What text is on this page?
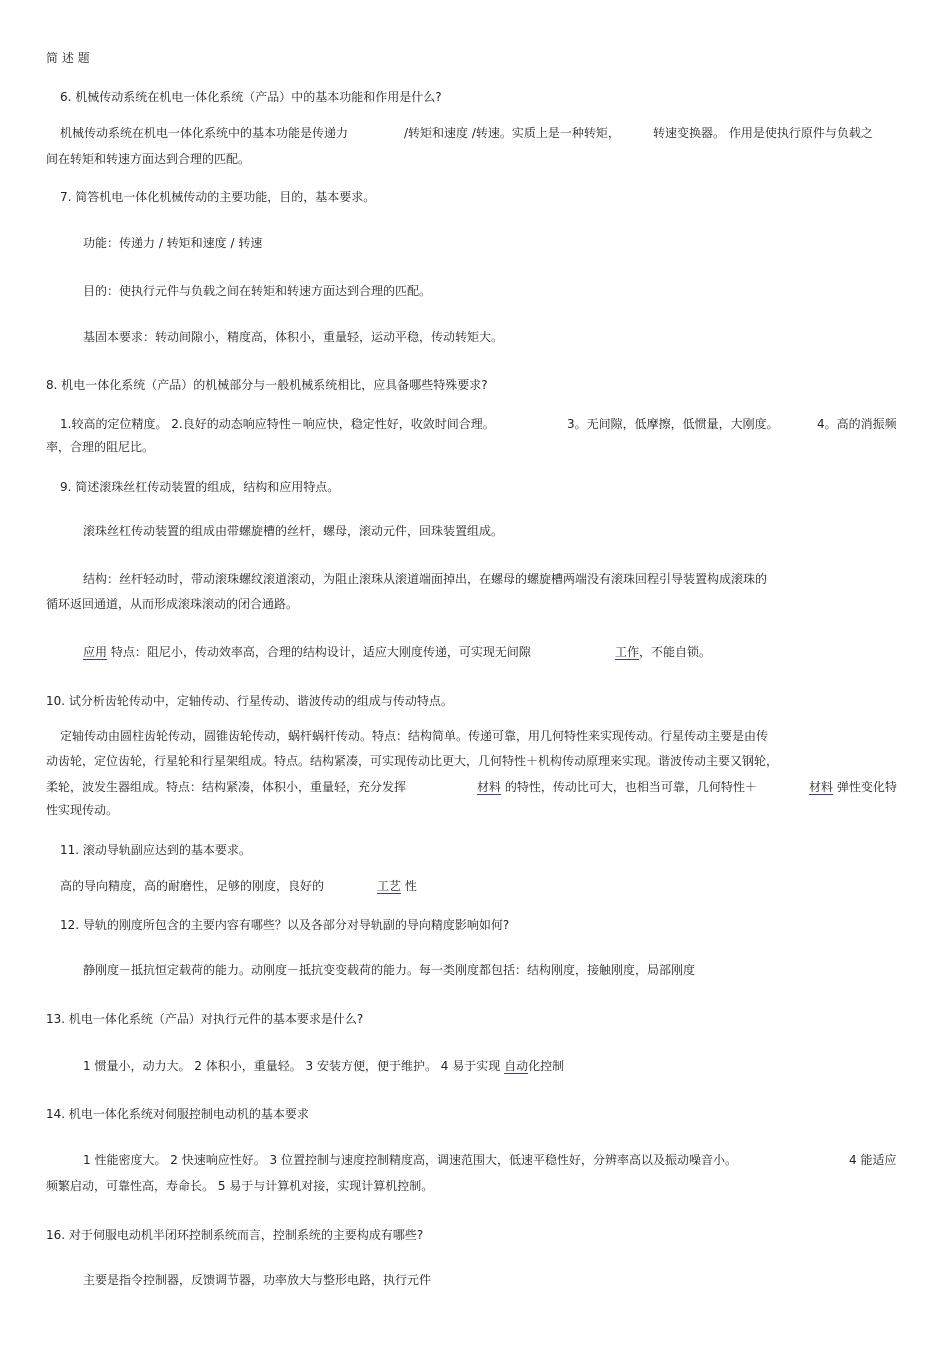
简 述 题
6. 机械传动系统在机电一体化系统（产品）中的基本功能和作用是什么?
机械传动系统在机电一体化系统中的基本功能是传递力	/转矩和速度 /转速。实质上是一种转矩，	转速变换器。 作用是使执行原件与负载之
间在转矩和转速方面达到合理的匹配。
7. 简答机电一体化机械传动的主要功能，目的，基本要求。
功能：传递力 / 转矩和速度 / 转速
目的：使执行元件与负载之间在转矩和转速方面达到合理的匹配。
基固本要求：转动间隙小，精度高，体积小，重量轻，运动平稳，传动转矩大。
8. 机电一体化系统（产品）的机械部分与一般机械系统相比，应具备哪些特殊要求?
1.较高的定位精度。 2.良好的动态响应特性－响应快，稳定性好，收敛时间合理。	3。无间隙，低摩擦，低惯量，大刚度。	4。高的消振频
率，合理的阻尼比。
9. 简述滚珠丝杠传动装置的组成，结构和应用特点。
滚珠丝杠传动装置的组成由带螺旋槽的丝杆，螺母，滚动元件，回珠装置组成。
结构：丝杆轻动时，带动滚珠螺纹滚道滚动，为阻止滚珠从滚道端面掉出，在螺母的螺旋槽两端没有滚珠回程引导装置构成滚珠的
循环返回通道，从而形成滚珠滚动的闭合通路。
应用 特点：阻尼小，传动效率高，合理的结构设计，适应大刚度传递，可实现无间隙	工作，不能自锁。
10. 试分析齿轮传动中，定轴传动、行星传动、谐波传动的组成与传动特点。
定轴传动由圆柱齿轮传动，圆锥齿轮传动，蜗杆蜗杆传动。特点：结构简单。传递可靠，用几何特性来实现传动。行星传动主要是由传
动齿轮，定位齿轮，行星轮和行星架组成。特点。结构紧凑，可实现传动比更大，几何特性＋机构传动原理来实现。谐波传动主要又钢轮，
柔轮，波发生器组成。特点：结构紧凑，体积小，重量轻，充分发挥	材料 的特性，传动比可大，也相当可靠，几何特性＋	材料 弹性变化特
性实现传动。
11. 滚动导轨副应达到的基本要求。
高的导向精度，高的耐磨性，足够的刚度，良好的	工艺 性
12. 导轨的刚度所包含的主要内容有哪些？以及各部分对导轨副的导向精度影响如何?
静刚度－抵抗恒定载荷的能力。动刚度－抵抗变变载荷的能力。每一类刚度都包括：结构刚度，接触刚度，局部刚度
13. 机电一体化系统（产品）对执行元件的基本要求是什么?
1 惯量小，动力大。 2 体积小，重量轻。 3 安装方便，便于维护。 4 易于实现 自动化控制
14. 机电一体化系统对伺服控制电动机的基本要求
1 性能密度大。 2 快速响应性好。 3 位置控制与速度控制精度高，调速范围大，低速平稳性好，分辨率高以及振动噪音小。	4 能适应
频繁启动，可靠性高，寿命长。 5 易于与计算机对接，实现计算机控制。
16. 对于伺服电动机半闭环控制系统而言，控制系统的主要构成有哪些?
主要是指令控制器，反馈调节器，功率放大与整形电路，执行元件
